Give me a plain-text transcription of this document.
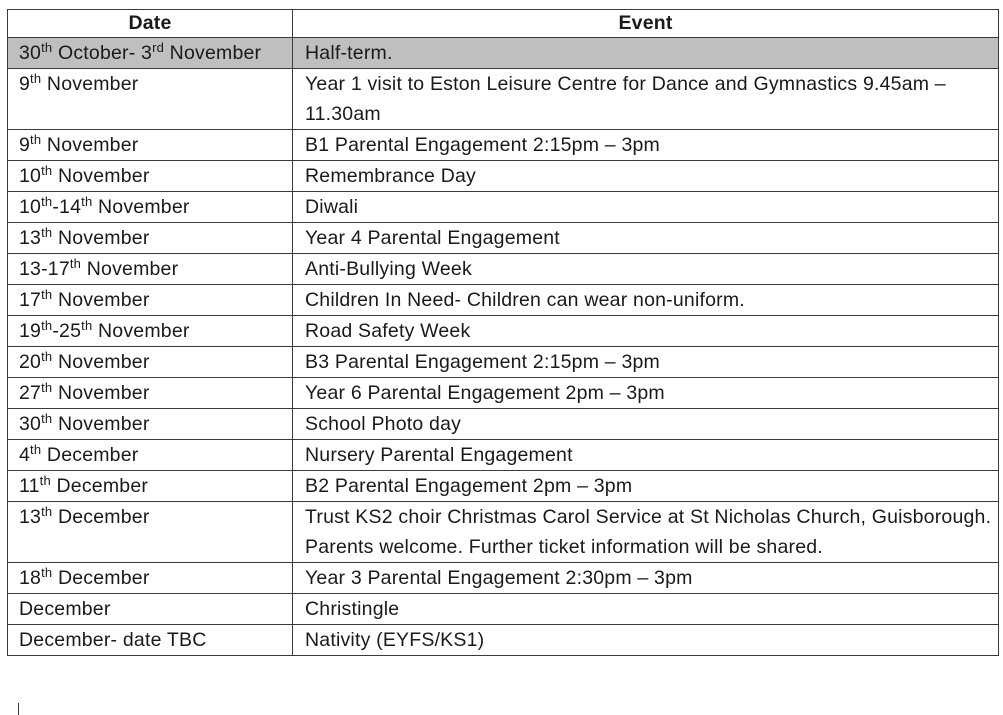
Date	Event
30th October- 3rd November	Half-term.
9th November	Year 1 visit to Eston Leisure Centre for Dance and Gymnastics 9.45am – 11.30am
9th November	B1 Parental Engagement 2:15pm – 3pm
10th November	Remembrance Day
10th-14th November	Diwali
13th November	Year 4 Parental Engagement
13-17th November	Anti-Bullying Week
17th November	Children In Need- Children can wear non-uniform.
19th-25th November	Road Safety Week
20th November	B3 Parental Engagement 2:15pm – 3pm
27th November	Year 6 Parental Engagement 2pm – 3pm
30th November	School Photo day
4th December	Nursery Parental Engagement
11th December	B2 Parental Engagement 2pm – 3pm
13th December	Trust KS2 choir Christmas Carol Service at St Nicholas Church, Guisborough. Parents welcome. Further ticket information will be shared.
18th December	Year 3 Parental Engagement 2:30pm – 3pm
December	Christingle
December- date TBC	Nativity (EYFS/KS1)
